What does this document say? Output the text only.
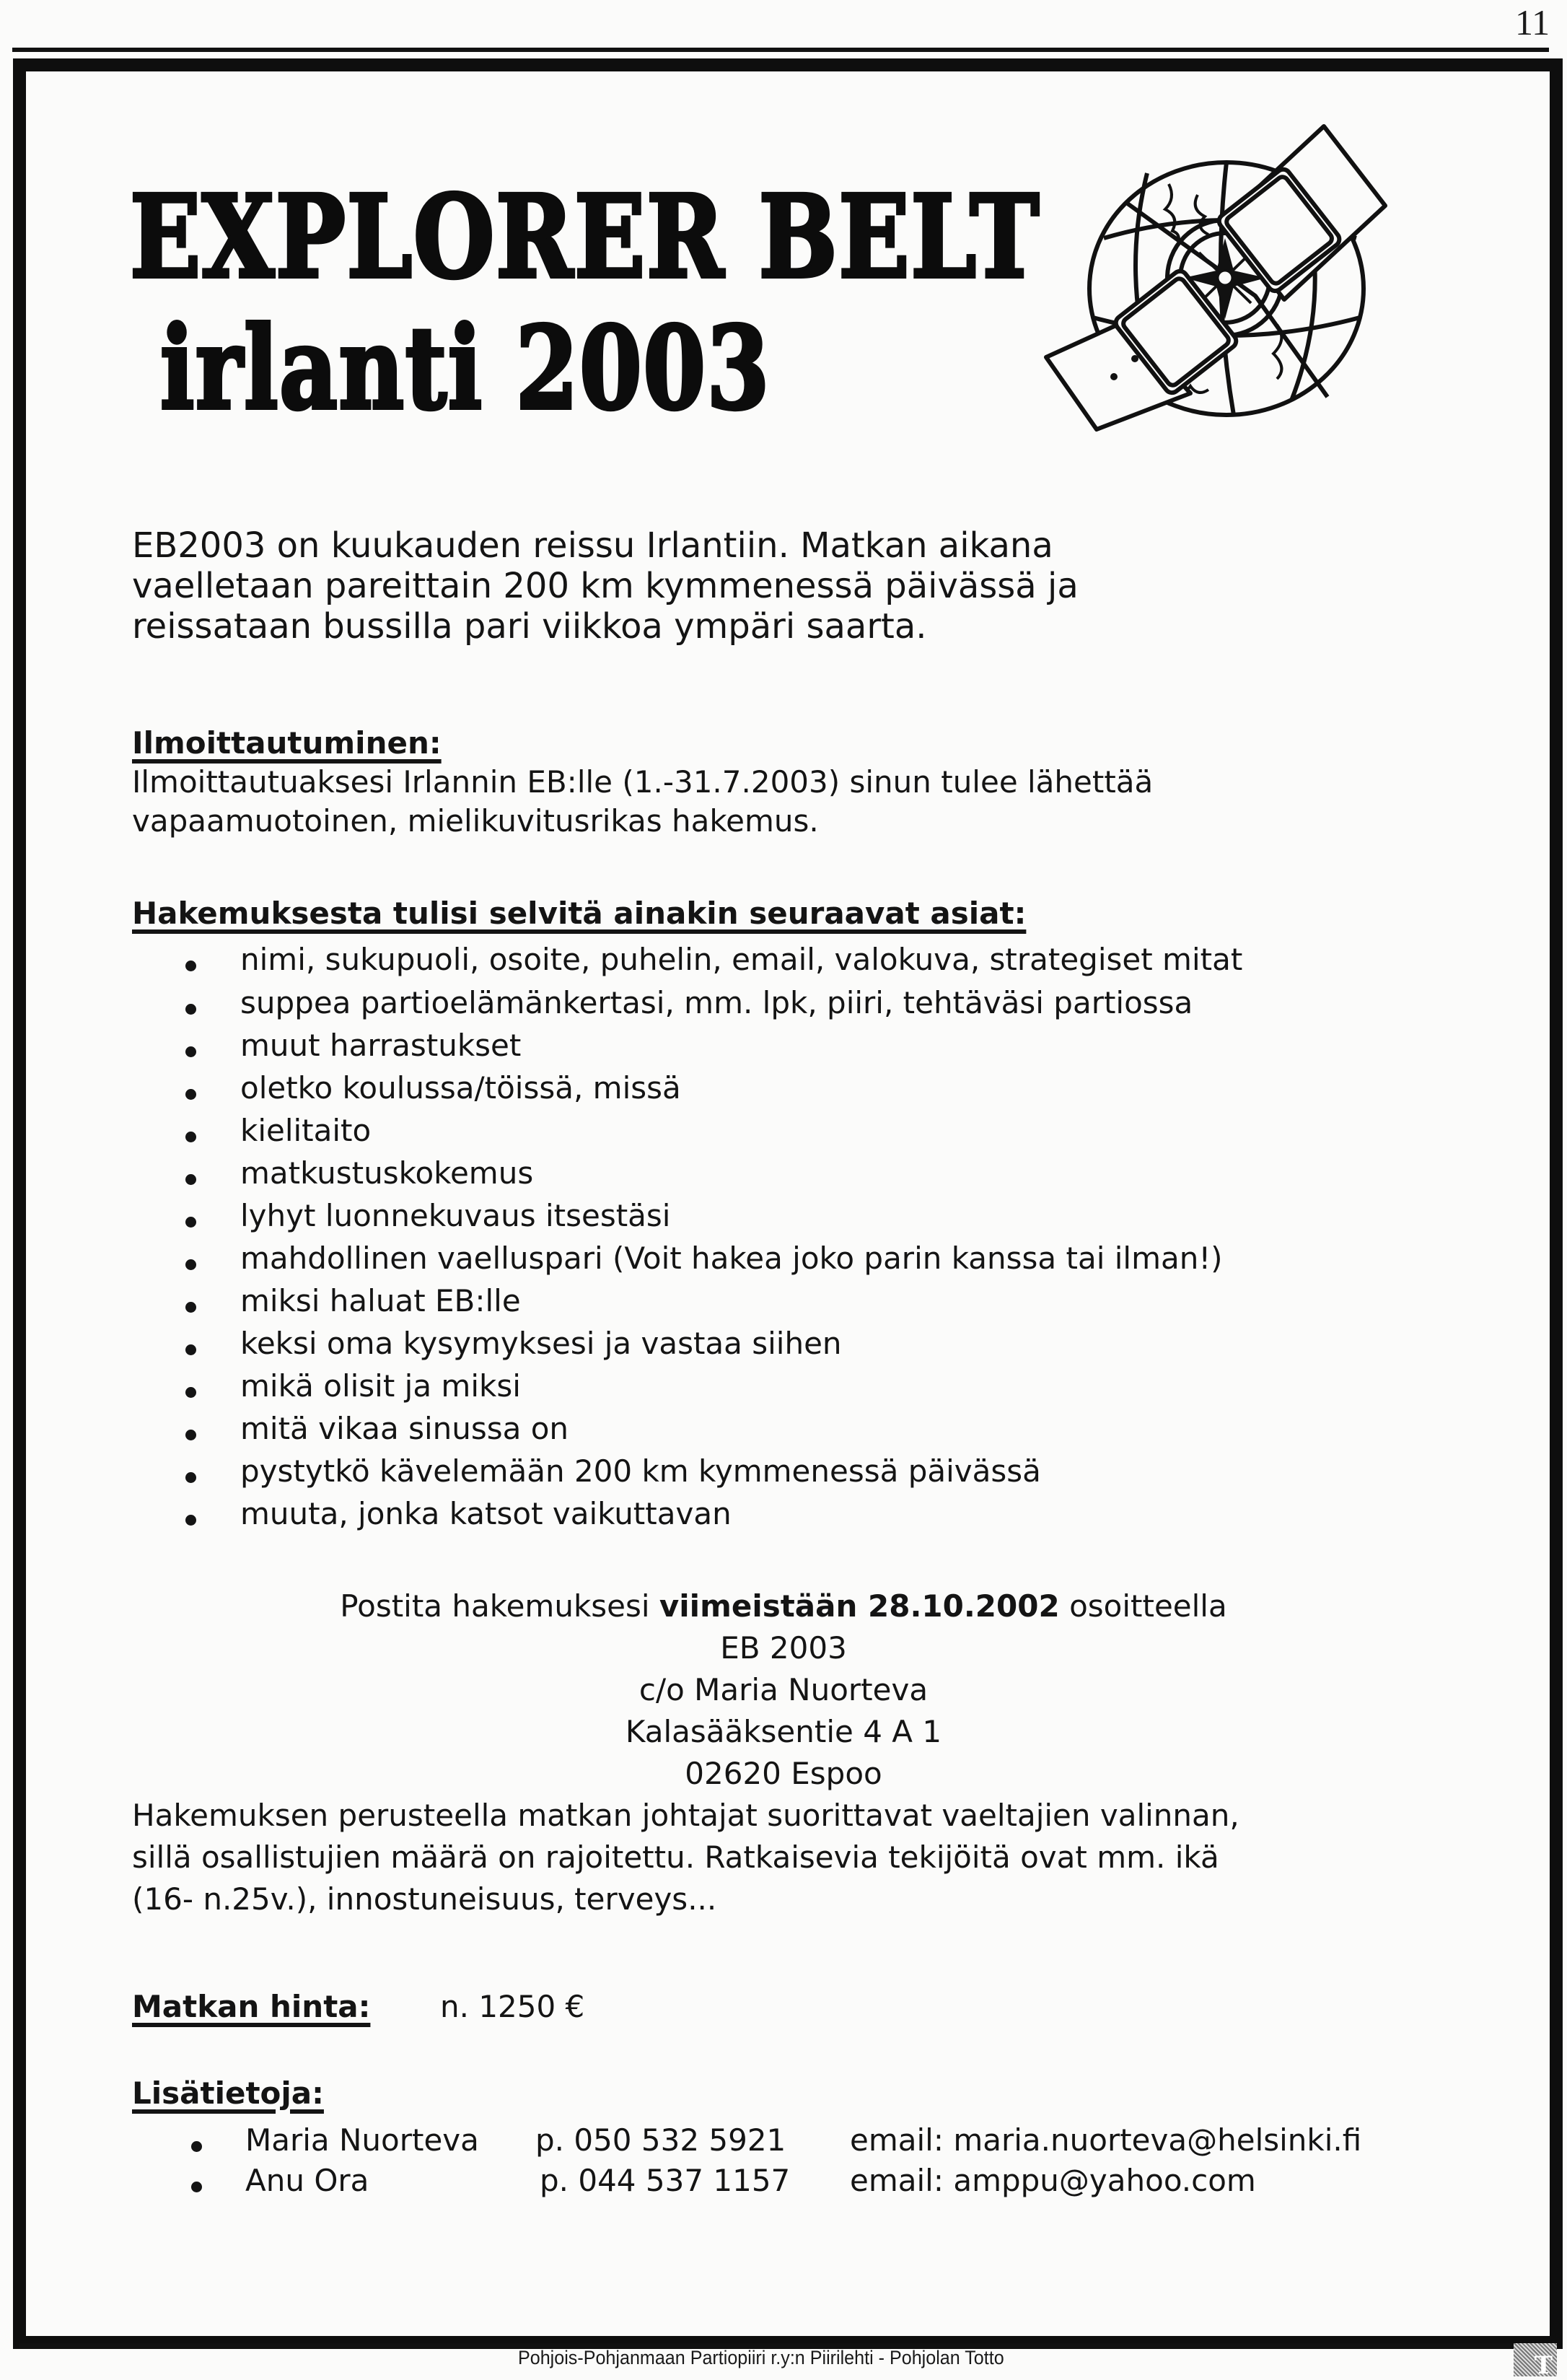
11
EXPLORER BELT
irlanti 2003
EB2003 on kuukauden reissu Irlantiin. Matkan aikana
vaelletaan pareittain 200 km kymmenessä päivässä ja
reissataan bussilla pari viikkoa ympäri saarta.
Ilmoittautuminen:
Ilmoittautuaksesi Irlannin EB:lle (1.-31.7.2003) sinun tulee lähettää
vapaamuotoinen, mielikuvitusrikas hakemus.
Hakemuksesta tulisi selvitä ainakin seuraavat asiat:
nimi, sukupuoli, osoite, puhelin, email, valokuva, strategiset mitat
suppea partioelämänkertasi, mm. lpk, piiri, tehtäväsi partiossa
muut harrastukset
oletko koulussa/töissä, missä
kielitaito
matkustuskokemus
lyhyt luonnekuvaus itsestäsi
mahdollinen vaelluspari (Voit hakea joko parin kanssa tai ilman!)
miksi haluat EB:lle
keksi oma kysymyksesi ja vastaa siihen
mikä olisit ja miksi
mitä vikaa sinussa on
pystytkö kävelemään 200 km kymmenessä päivässä
muuta, jonka katsot vaikuttavan
Postita hakemuksesi viimeistään 28.10.2002 osoitteella
EB 2003
c/o Maria Nuorteva
Kalasääksentie 4 A 1
02620 Espoo
Hakemuksen perusteella matkan johtajat suorittavat vaeltajien valinnan,
sillä osallistujien määrä on rajoitettu. Ratkaisevia tekijöitä ovat mm. ikä
(16- n.25v.), innostuneisuus, terveys...
Matkan hinta: n. 1250 €
Lisätietoja:
Maria Nuorteva p. 050 532 5921 email: maria.nuorteva@helsinki.fi
Anu Ora	p. 044 537 1157 email: amppu@yahoo.com
Pohjois-Pohjanmaan Partiopiiri r.y:n Piirilehti - Pohjolan Totto	T
